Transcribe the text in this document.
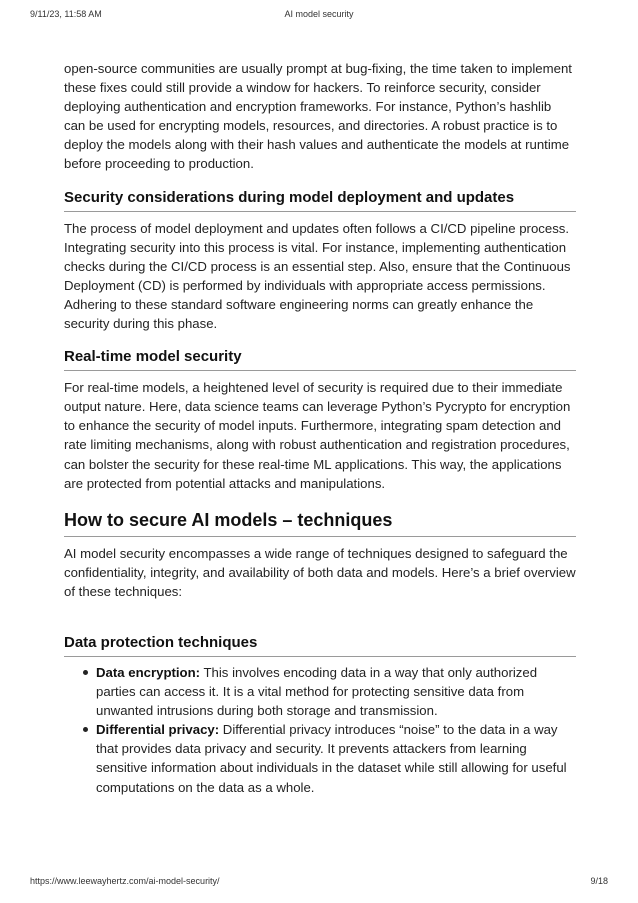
9/11/23, 11:58 AM	AI model security

open-source communities are usually prompt at bug-fixing, the time taken to implement these fixes could still provide a window for hackers. To reinforce security, consider deploying authentication and encryption frameworks. For instance, Python’s hashlib can be used for encrypting models, resources, and directories. A robust practice is to deploy the models along with their hash values and authenticate the models at runtime before proceeding to production.

Security considerations during model deployment and updates

The process of model deployment and updates often follows a CI/CD pipeline process. Integrating security into this process is vital. For instance, implementing authentication checks during the CI/CD process is an essential step. Also, ensure that the Continuous Deployment (CD) is performed by individuals with appropriate access permissions. Adhering to these standard software engineering norms can greatly enhance the security during this phase.

Real-time model security

For real-time models, a heightened level of security is required due to their immediate output nature. Here, data science teams can leverage Python’s Pycrypto for encryption to enhance the security of model inputs. Furthermore, integrating spam detection and rate limiting mechanisms, along with robust authentication and registration procedures, can bolster the security for these real-time ML applications. This way, the applications are protected from potential attacks and manipulations.

How to secure AI models – techniques

AI model security encompasses a wide range of techniques designed to safeguard the confidentiality, integrity, and availability of both data and models. Here’s a brief overview of these techniques:

Data protection techniques
Data encryption: This involves encoding data in a way that only authorized parties can access it. It is a vital method for protecting sensitive data from unwanted intrusions during both storage and transmission.
Differential privacy: Differential privacy introduces “noise” to the data in a way that provides data privacy and security. It prevents attackers from learning sensitive information about individuals in the dataset while still allowing for useful computations on the data as a whole.
https://www.leewayhertz.com/ai-model-security/	9/18
